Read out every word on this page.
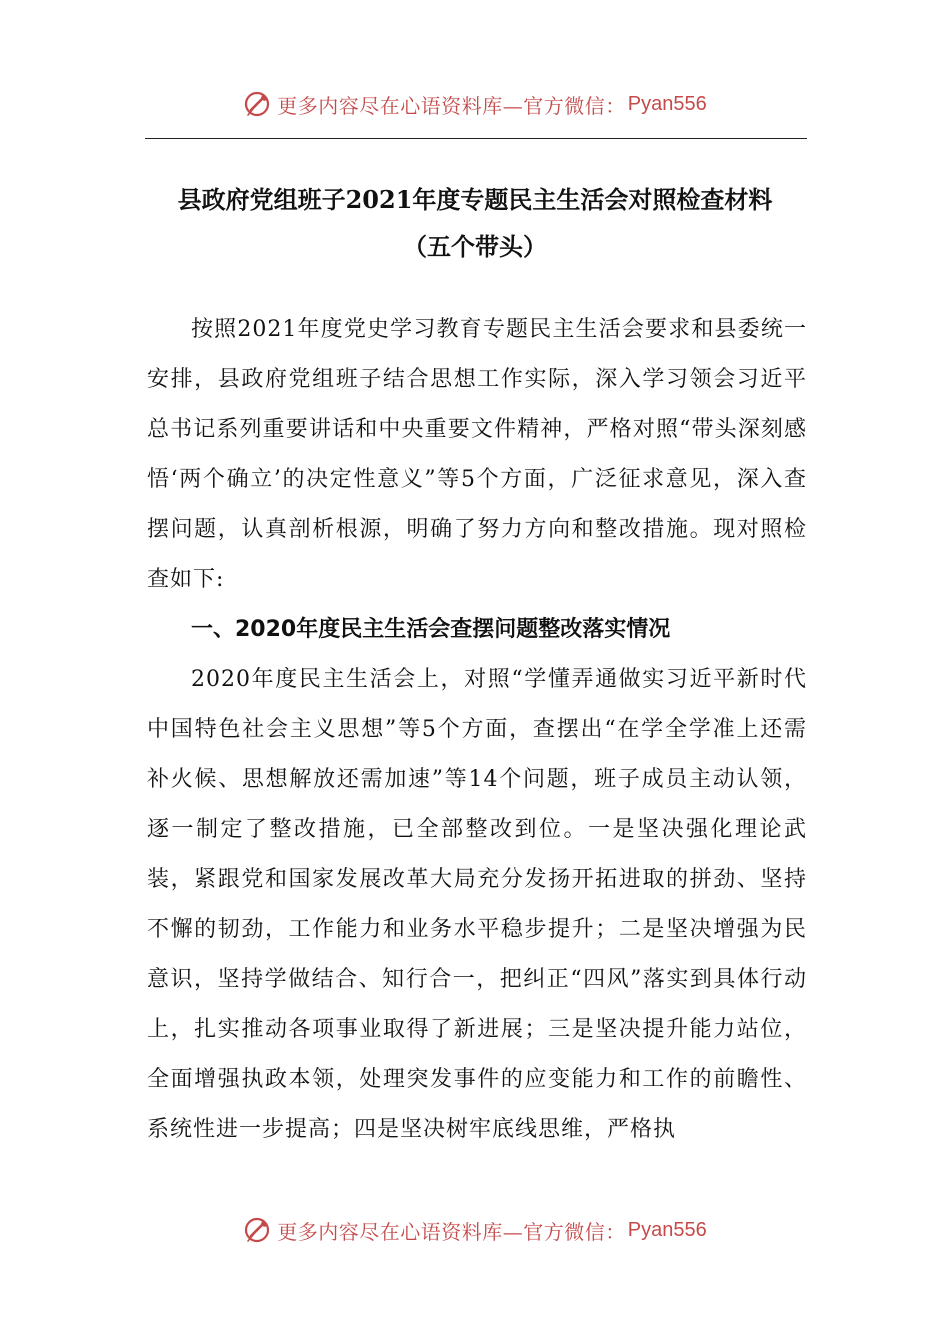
更多内容尽在心语资料库—官方微信： Pyan556
县政府党组班子2021年度专题民主生活会对照检查材料
（五个带头）
按照2021年度党史学习教育专题民主生活会要求和县委统一安排，县政府党组班子结合思想工作实际，深入学习领会习近平总书记系列重要讲话和中央重要文件精神，严格对照“带头深刻感悟‘两个确立’的决定性意义”等5个方面，广泛征求意见，深入查摆问题，认真剖析根源，明确了努力方向和整改措施。现对照检查如下:
一、2020年度民主生活会查摆问题整改落实情况
2020年度民主生活会上，对照“学懂弄通做实习近平新时代中国特色社会主义思想”等5个方面，查摆出“在学全学准上还需补火候、思想解放还需加速”等14个问题，班子成员主动认领，逐一制定了整改措施，已全部整改到位。一是坚决强化理论武装，紧跟党和国家发展改革大局充分发扬开拓进取的拼劲、坚持不懈的韧劲，工作能力和业务水平稳步提升；二是坚决增强为民意识，坚持学做结合、知行合一，把纠正“四风”落实到具体行动上，扎实推动各项事业取得了新进展；三是坚决提升能力站位，全面增强执政本领，处理突发事件的应变能力和工作的前瞻性、系统性进一步提高；四是坚决树牢底线思维，严格执
更多内容尽在心语资料库—官方微信： Pyan556
